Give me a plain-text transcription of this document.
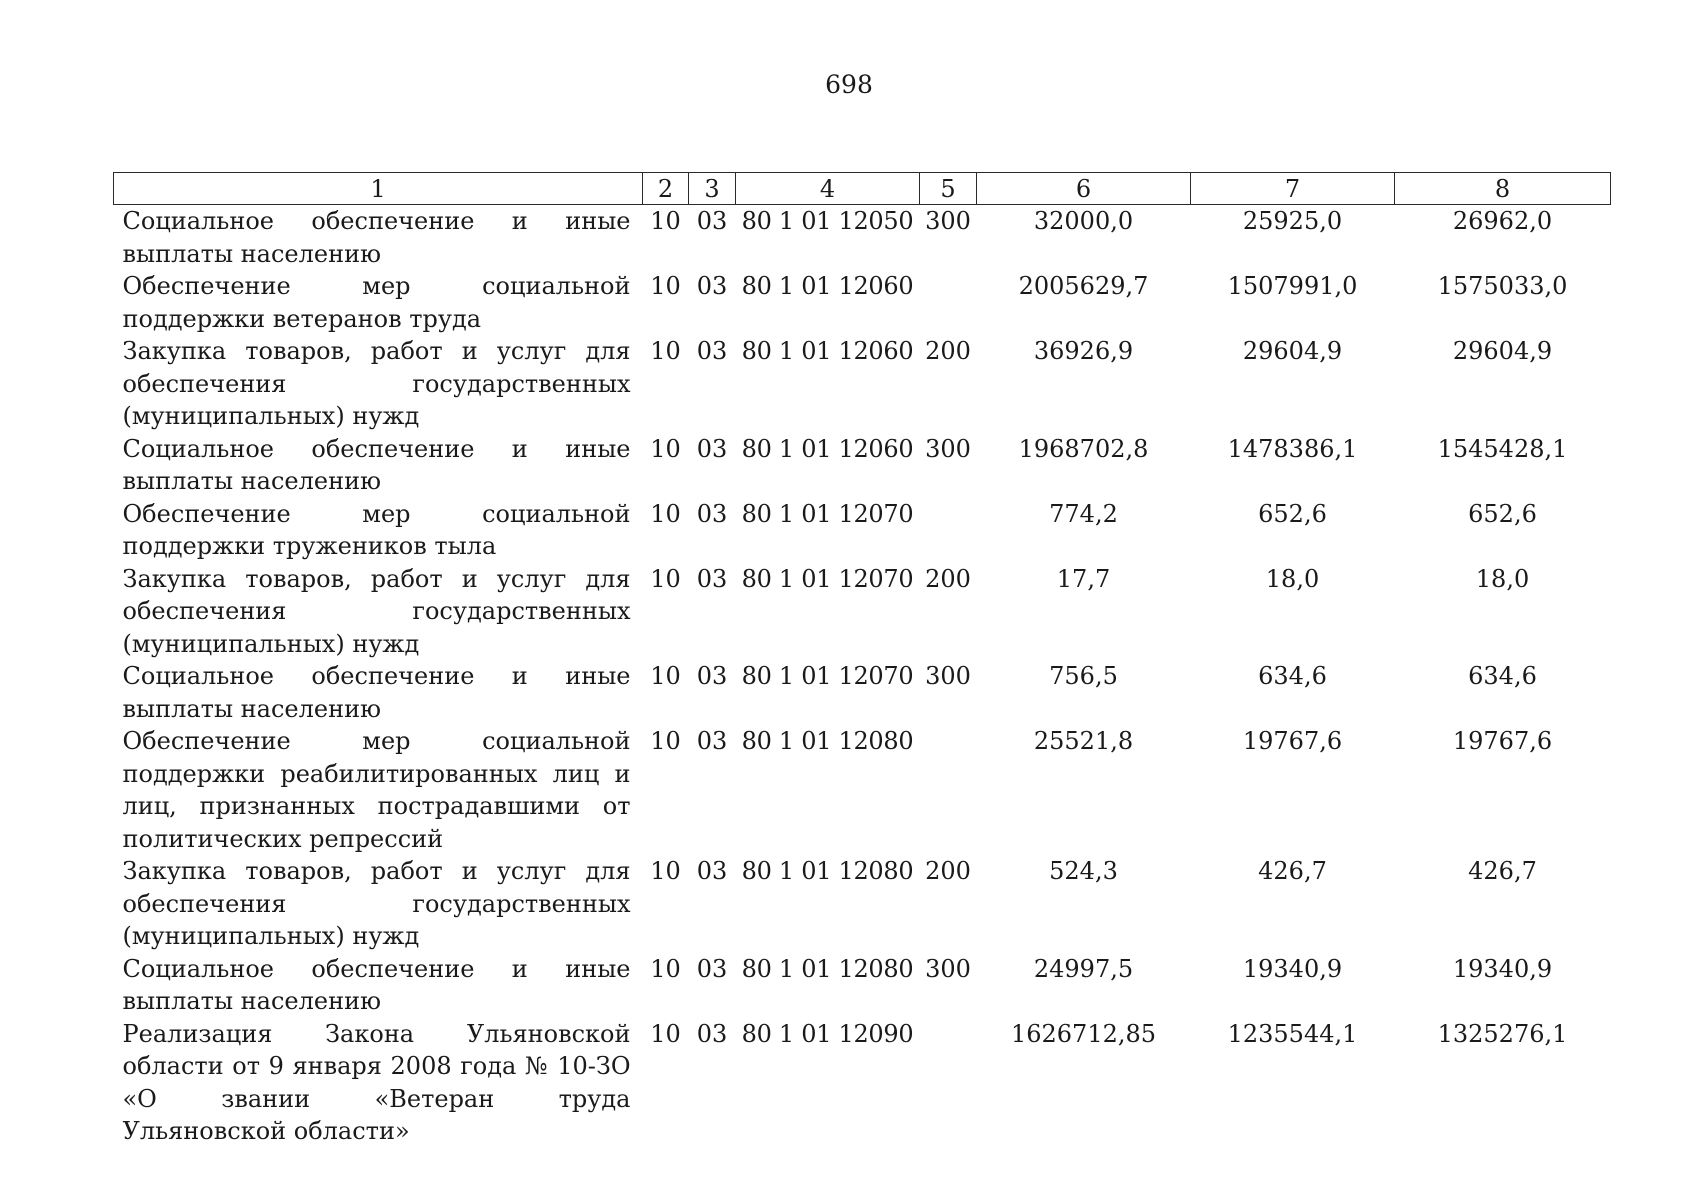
698
1	2	3	4	5	6	7	8
Социальное обеспечение и иные выплаты населению	10	03	80 1 01 12050	300	32000,0	25925,0	26962,0
Обеспечение мер социальной поддержки ветеранов труда	10	03	80 1 01 12060		2005629,7	1507991,0	1575033,0
Закупка товаров, работ и услуг для обеспечения государственных (муниципальных) нужд	10	03	80 1 01 12060	200	36926,9	29604,9	29604,9
Социальное обеспечение и иные выплаты населению	10	03	80 1 01 12060	300	1968702,8	1478386,1	1545428,1
Обеспечение мер социальной поддержки тружеников тыла	10	03	80 1 01 12070		774,2	652,6	652,6
Закупка товаров, работ и услуг для обеспечения государственных (муниципальных) нужд	10	03	80 1 01 12070	200	17,7	18,0	18,0
Социальное обеспечение и иные выплаты населению	10	03	80 1 01 12070	300	756,5	634,6	634,6
Обеспечение мер социальной поддержки реабилитированных лиц и лиц, признанных пострадавшими от политических репрессий	10	03	80 1 01 12080		25521,8	19767,6	19767,6
Закупка товаров, работ и услуг для обеспечения государственных (муниципальных) нужд	10	03	80 1 01 12080	200	524,3	426,7	426,7
Социальное обеспечение и иные выплаты населению	10	03	80 1 01 12080	300	24997,5	19340,9	19340,9
Реализация Закона Ульяновской области от 9 января 2008 года № 10-ЗО «О звании «Ветеран труда Ульяновской области»	10	03	80 1 01 12090		1626712,85	1235544,1	1325276,1
